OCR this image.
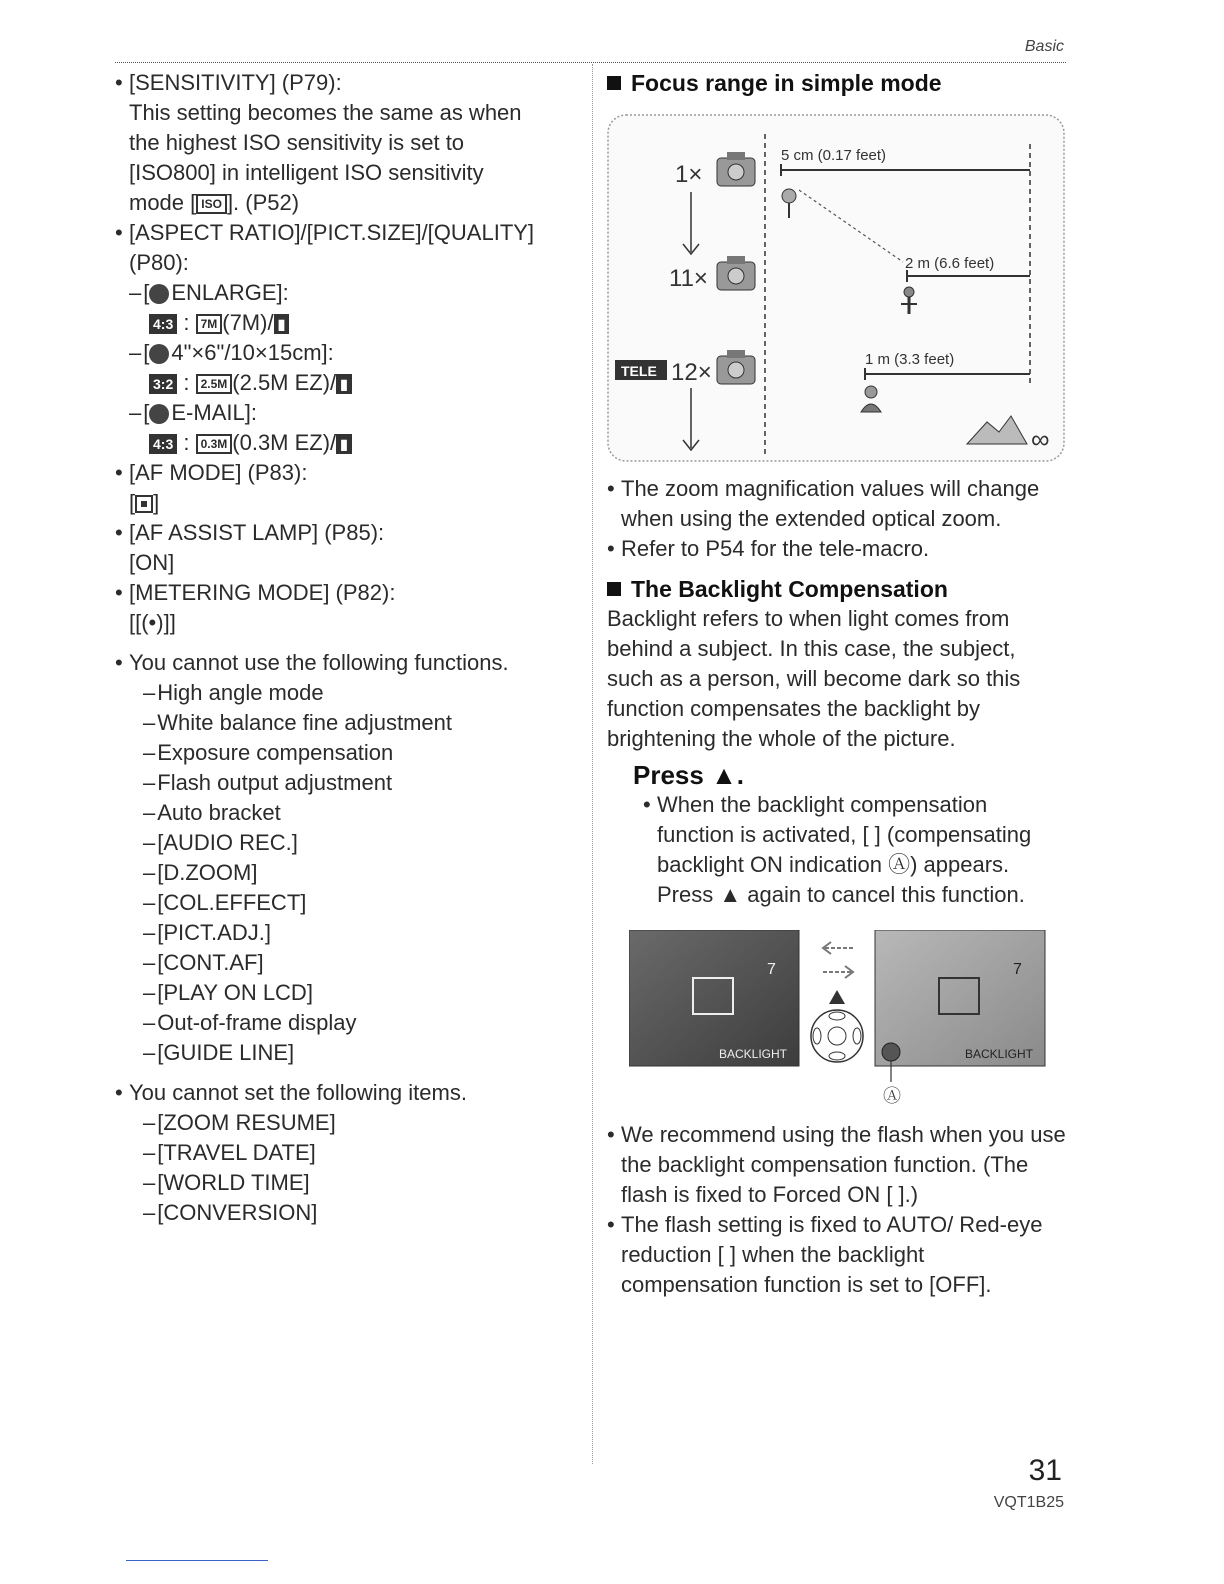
Basic
• [SENSITIVITY] (P79):
This setting becomes the same as when
the highest ISO sensitivity is set to
[ISO800] in intelligent ISO sensitivity
mode [ ISO ]. (P52)
• [ASPECT RATIO]/[PICT.SIZE]/[QUALITY]
(P80):
– [ ENLARGE]:
4:3 : 7M (7M)/ ▮
– [ 4"×6"/10×15cm]:
3:2 : 2.5M (2.5M EZ)/ ▮
– [ E-MAIL]:
4:3 : 0.3M (0.3M EZ)/ ▮
• [AF MODE] (P83):
[ ]
• [AF ASSIST LAMP] (P85):
[ON]
• [METERING MODE] (P82):
[[(•)]]
• You cannot use the following functions.
– High angle mode
– White balance fine adjustment
– Exposure compensation
– Flash output adjustment
– Auto bracket
– [AUDIO REC.]
– [D.ZOOM]
– [COL.EFFECT]
– [PICT.ADJ.]
– [CONT.AF]
– [PLAY ON LCD]
– Out-of-frame display
– [GUIDE LINE]
• You cannot set the following items.
– [ZOOM RESUME]
– [TRAVEL DATE]
– [WORLD TIME]
– [CONVERSION]
Focus range in simple mode
1×
11×
TELE 12×
5 cm (0.17 feet)
2 m (6.6 feet)
1 m (3.3 feet)
∞
• The zoom magnification values will change when using the extended optical zoom.
• Refer to P54 for the tele-macro.
The Backlight Compensation
Backlight refers to when light comes from behind a subject. In this case, the subject, such as a person, will become dark so this function compensates the backlight by brightening the whole of the picture.
Press ▲.
• When the backlight compensation function is activated, [ ] (compensating backlight ON indication Ⓐ) appears. Press ▲ again to cancel this function.
7	7
BACKLIGHT	BACKLIGHT
Ⓐ
• We recommend using the flash when you use the backlight compensation function. (The flash is fixed to Forced ON [ ].)
• The flash setting is fixed to AUTO/ Red-eye reduction [ ] when the backlight compensation function is set to [OFF].
31
VQT1B25
